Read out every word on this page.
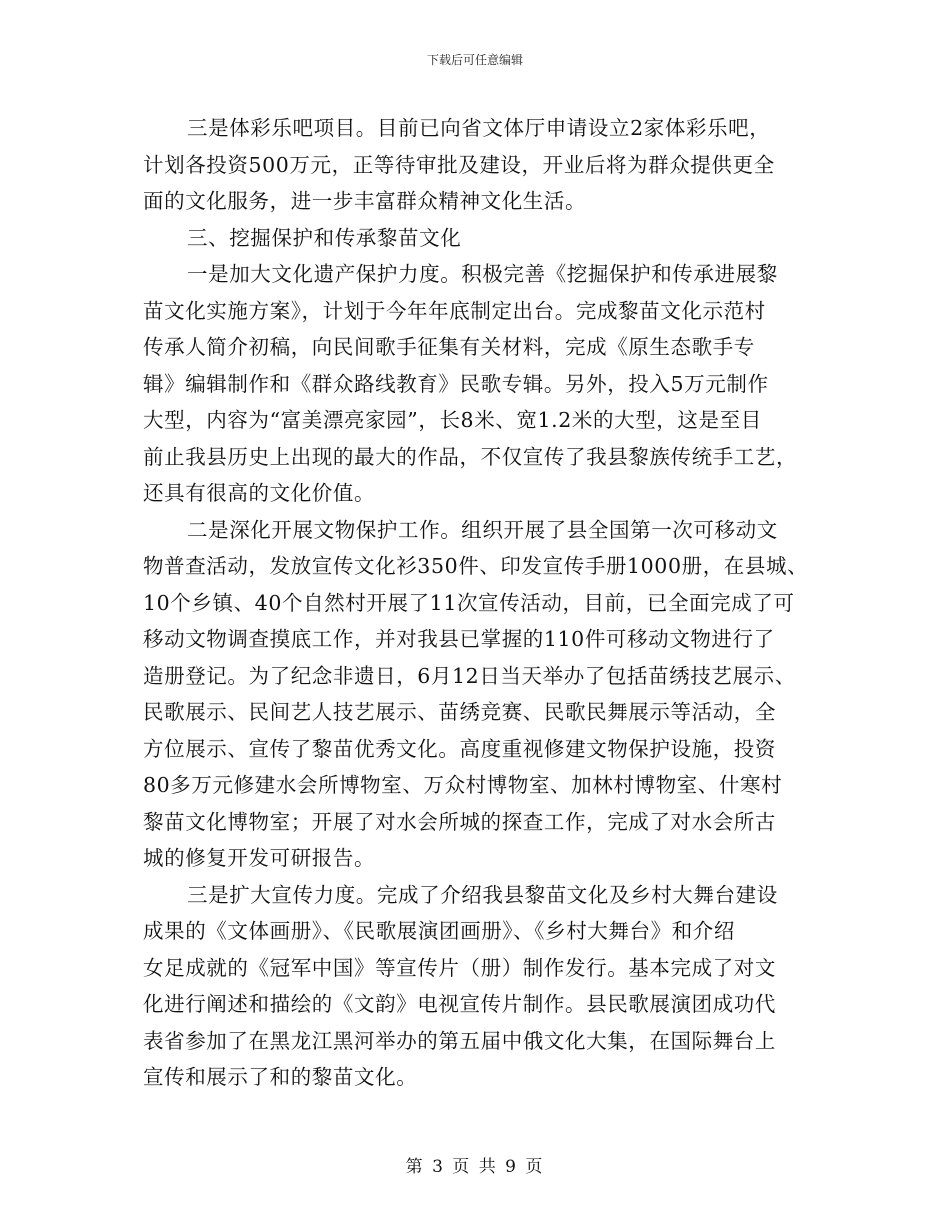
下载后可任意编辑
三是体彩乐吧项目。目前已向省文体厅申请设立2家体彩乐吧，
计划各投资500万元，正等待审批及建设，开业后将为群众提供更全
面的文化服务，进一步丰富群众精神文化生活。
三、挖掘保护和传承黎苗文化
一是加大文化遗产保护力度。积极完善《挖掘保护和传承进展黎
苗文化实施方案》，计划于今年年底制定出台。完成黎苗文化示范村
传承人简介初稿，向民间歌手征集有关材料，完成《原生态歌手专
辑》编辑制作和《群众路线教育》民歌专辑。另外，投入5万元制作
大型，内容为“富美漂亮家园”，长8米、宽1.2米的大型，这是至目
前止我县历史上出现的最大的作品，不仅宣传了我县黎族传统手工艺，
还具有很高的文化价值。
二是深化开展文物保护工作。组织开展了县全国第一次可移动文
物普查活动，发放宣传文化衫350件、印发宣传手册1000册，在县城、
10个乡镇、40个自然村开展了11次宣传活动，目前，已全面完成了可
移动文物调查摸底工作，并对我县已掌握的110件可移动文物进行了
造册登记。为了纪念非遗日，6月12日当天举办了包括苗绣技艺展示、
民歌展示、民间艺人技艺展示、苗绣竞赛、民歌民舞展示等活动，全
方位展示、宣传了黎苗优秀文化。高度重视修建文物保护设施，投资
80多万元修建水会所博物室、万众村博物室、加林村博物室、什寒村
黎苗文化博物室；开展了对水会所城的探查工作，完成了对水会所古
城的修复开发可研报告。
三是扩大宣传力度。完成了介绍我县黎苗文化及乡村大舞台建设
成果的《文体画册》、《民歌展演团画册》、《乡村大舞台》和介绍
女足成就的《冠军中国》等宣传片（册）制作发行。基本完成了对文
化进行阐述和描绘的《文韵》电视宣传片制作。县民歌展演团成功代
表省参加了在黑龙江黑河举办的第五届中俄文化大集，在国际舞台上
宣传和展示了和的黎苗文化。
第 3 页 共 9 页
